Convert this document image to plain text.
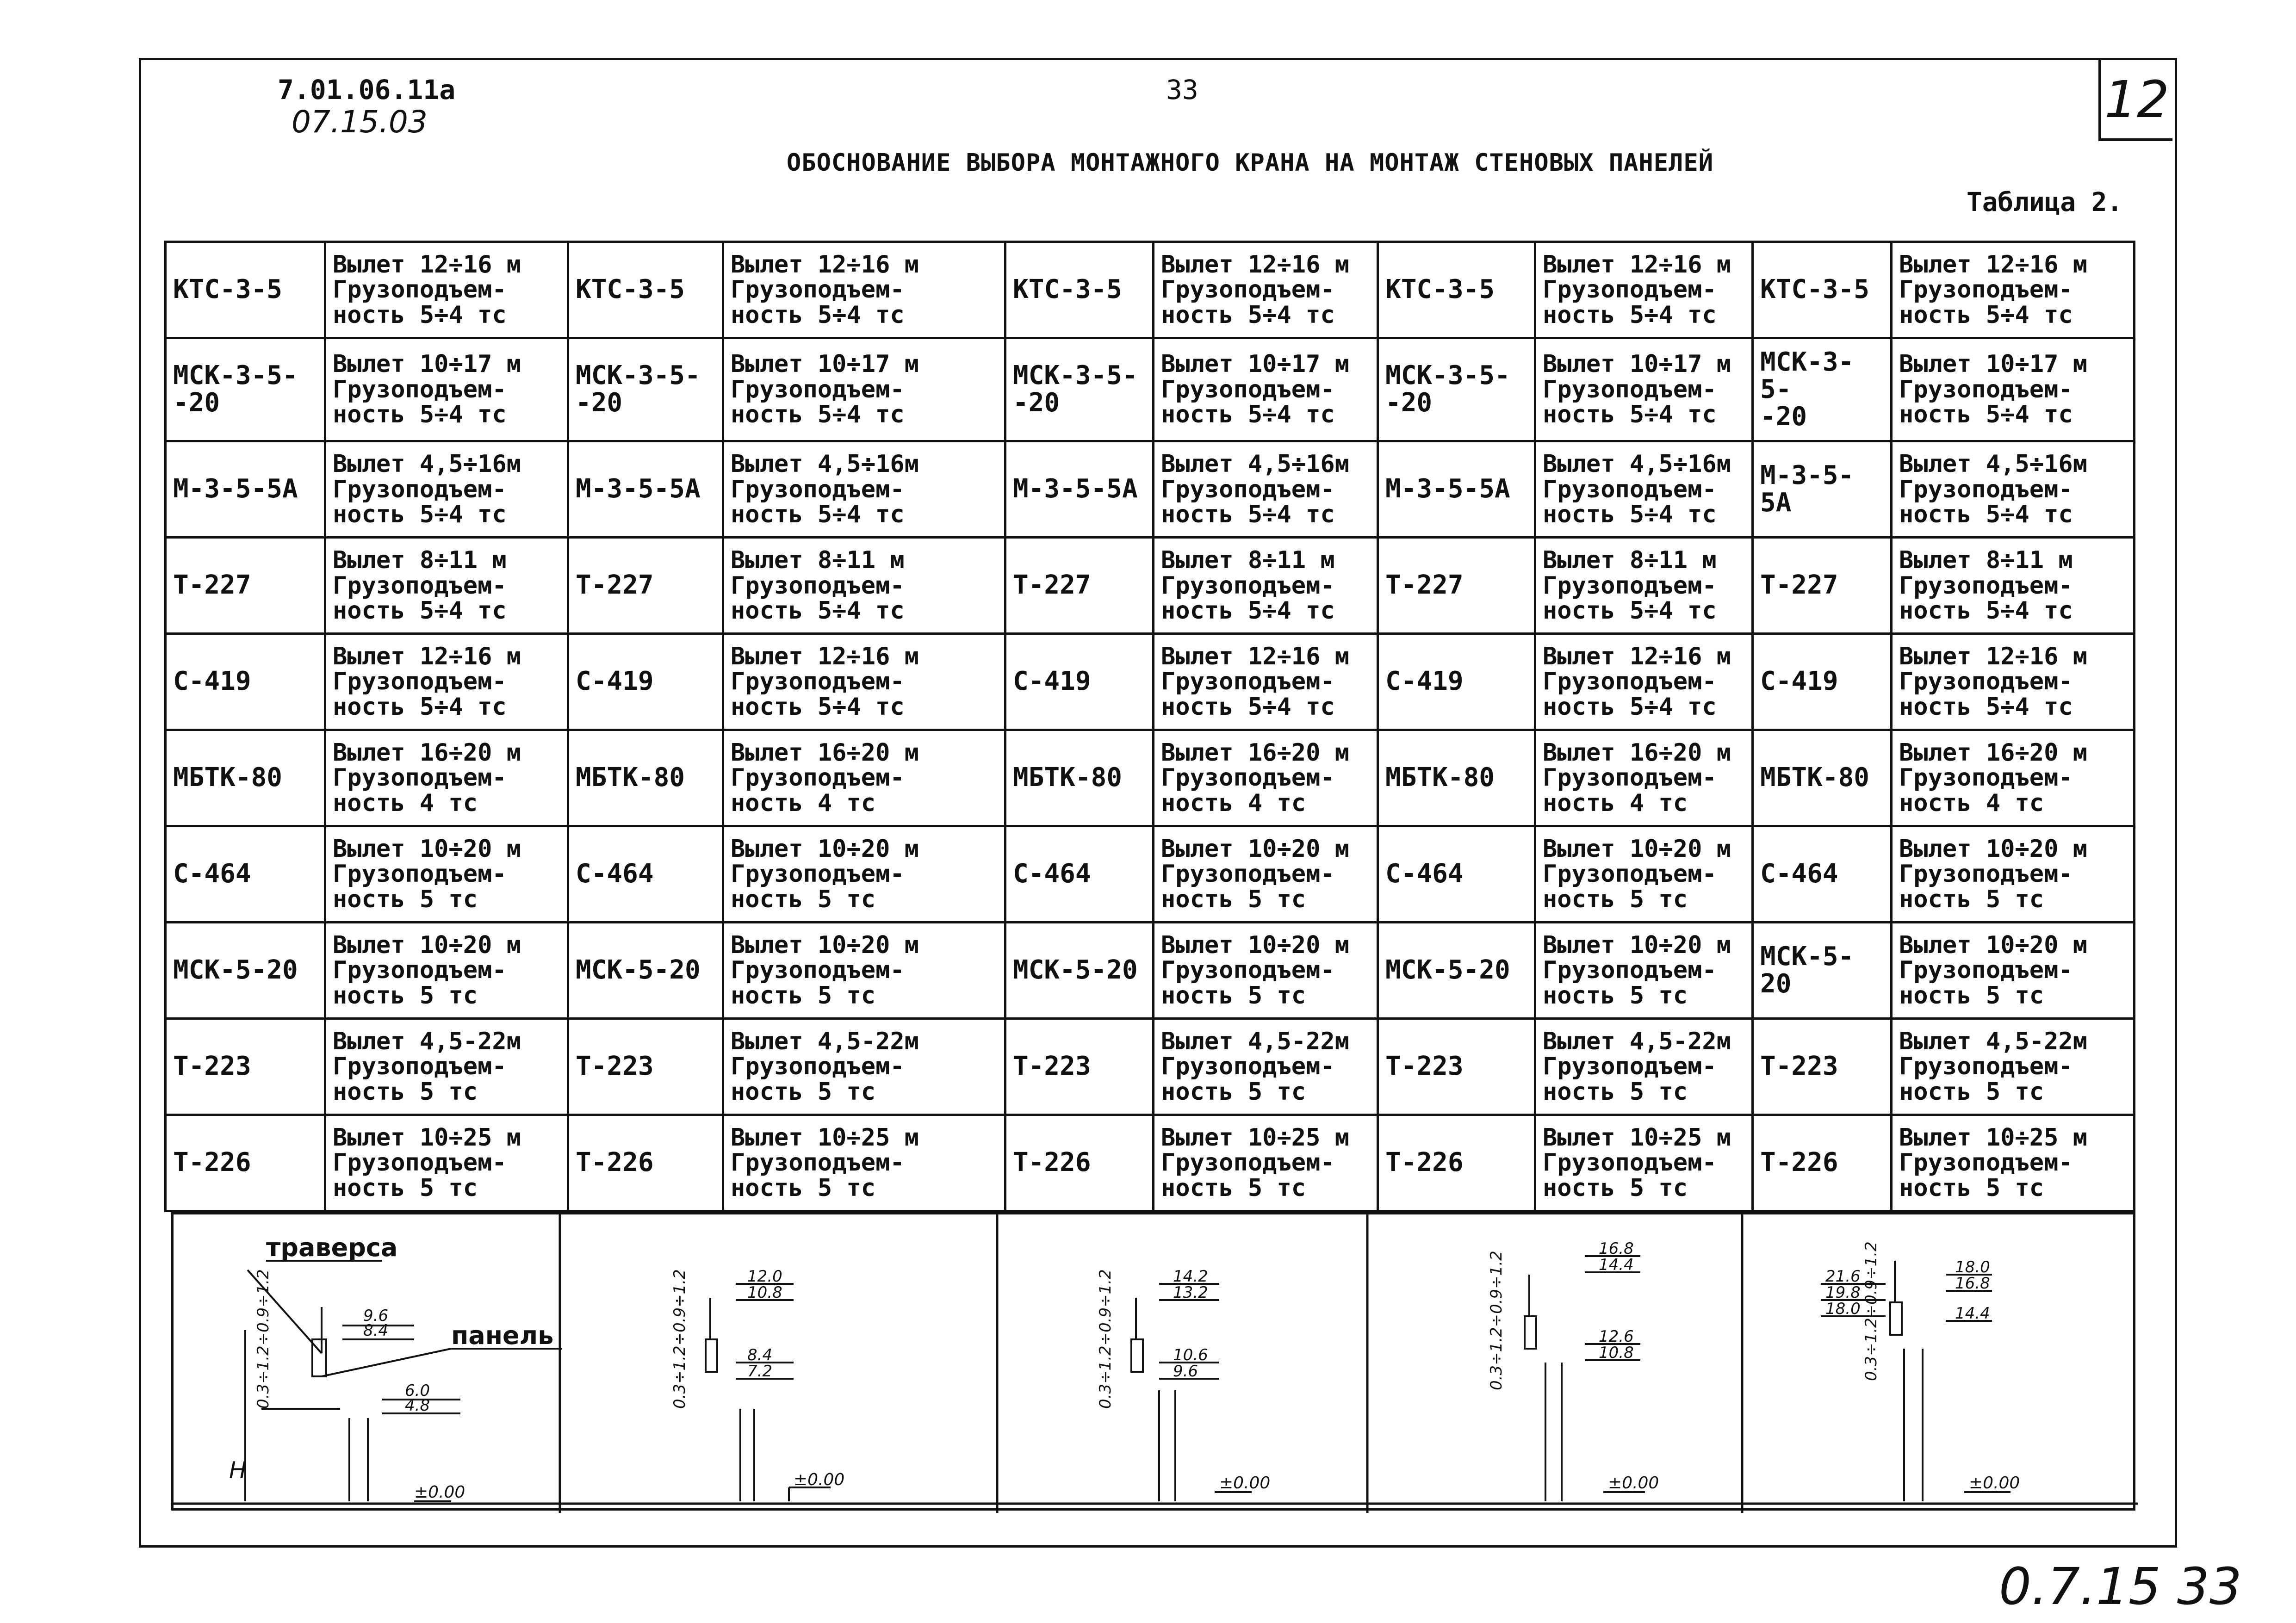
7.01.06.11a
07.15.03
33	12
ОБОСНОВАНИЕ ВЫБОРА МОНТАЖНОГО КРАНА НА МОНТАЖ СТЕНОВЫХ ПАНЕЛЕЙ
Таблица 2.
КТС-3-5	Вылет 12÷16 м
Грузоподъем-
ность 5÷4 тс	КТС-3-5	Вылет 12÷16 м
Грузоподъем-
ность 5÷4 тс	КТС-3-5	Вылет 12÷16 м
Грузоподъем-
ность 5÷4 тс	КТС-3-5	Вылет 12÷16 м
Грузоподъем-
ность 5÷4 тс	КТС-3-5	Вылет 12÷16 м
Грузоподъем-
ность 5÷4 тс

МСК-3-5-
-20	Вылет 10÷17 м
Грузоподъем-
ность 5÷4 тс	МСК-3-5-
-20	Вылет 10÷17 м
Грузоподъем-
ность 5÷4 тс	МСК-3-5-
-20	Вылет 10÷17 м
Грузоподъем-
ность 5÷4 тс	МСК-3-5-
-20	Вылет 10÷17 м
Грузоподъем-
ность 5÷4 тс	МСК-3-5-
-20	Вылет 10÷17 м
Грузоподъем-
ность 5÷4 тс

М-3-5-5А	Вылет 4,5÷16м
Грузоподъем-
ность 5÷4 тс	М-3-5-5А	Вылет 4,5÷16м
Грузоподъем-
ность 5÷4 тс	М-3-5-5А	Вылет 4,5÷16м
Грузоподъем-
ность 5÷4 тс	М-3-5-5А	Вылет 4,5÷16м
Грузоподъем-
ность 5÷4 тс	М-3-5-5А	Вылет 4,5÷16м
Грузоподъем-
ность 5÷4 тс

Т-227	Вылет 8÷11 м
Грузоподъем-
ность 5÷4 тс	Т-227	Вылет 8÷11 м
Грузоподъем-
ность 5÷4 тс	Т-227	Вылет 8÷11 м
Грузоподъем-
ность 5÷4 тс	Т-227	Вылет 8÷11 м
Грузоподъем-
ность 5÷4 тс	Т-227	Вылет 8÷11 м
Грузоподъем-
ность 5÷4 тс

С-419	Вылет 12÷16 м
Грузоподъем-
ность 5÷4 тс	С-419	Вылет 12÷16 м
Грузоподъем-
ность 5÷4 тс	С-419	Вылет 12÷16 м
Грузоподъем-
ность 5÷4 тс	С-419	Вылет 12÷16 м
Грузоподъем-
ность 5÷4 тс	С-419	Вылет 12÷16 м
Грузоподъем-
ность 5÷4 тс

МБТК-80	Вылет 16÷20 м
Грузоподъем-
ность 4 тс	МБТК-80	Вылет 16÷20 м
Грузоподъем-
ность 4 тс	МБТК-80	Вылет 16÷20 м
Грузоподъем-
ность 4 тс	МБТК-80	Вылет 16÷20 м
Грузоподъем-
ность 4 тс	МБТК-80	Вылет 16÷20 м
Грузоподъем-
ность 4 тс

С-464	Вылет 10÷20 м
Грузоподъем-
ность 5 тс	С-464	Вылет 10÷20 м
Грузоподъем-
ность 5 тс	С-464	Вылет 10÷20 м
Грузоподъем-
ность 5 тс	С-464	Вылет 10÷20 м
Грузоподъем-
ность 5 тс	С-464	Вылет 10÷20 м
Грузоподъем-
ность 5 тс

МСК-5-20	Вылет 10÷20 м
Грузоподъем-
ность 5 тс	МСК-5-20	Вылет 10÷20 м
Грузоподъем-
ность 5 тс	МСК-5-20	Вылет 10÷20 м
Грузоподъем-
ность 5 тс	МСК-5-20	Вылет 10÷20 м
Грузоподъем-
ность 5 тс	МСК-5-20	Вылет 10÷20 м
Грузоподъем-
ность 5 тс

Т-223	Вылет 4,5-22м
Грузоподъем-
ность 5 тс	Т-223	Вылет 4,5-22м
Грузоподъем-
ность 5 тс	Т-223	Вылет 4,5-22м
Грузоподъем-
ность 5 тс	Т-223	Вылет 4,5-22м
Грузоподъем-
ность 5 тс	Т-223	Вылет 4,5-22м
Грузоподъем-
ность 5 тс

Т-226	Вылет 10÷25 м
Грузоподъем-
ность 5 тс	Т-226	Вылет 10÷25 м
Грузоподъем-
ность 5 тс	Т-226	Вылет 10÷25 м
Грузоподъем-
ность 5 тс	Т-226	Вылет 10÷25 м
Грузоподъем-
ность 5 тс	Т-226	Вылет 10÷25 м
Грузоподъем-
ность 5 тс
траверса
панель
H
0.3÷1.2÷0.9÷1.2	9.6
8.4
6.0
4.8
±0.00
0.3÷1.2÷0.9÷1.2	12.0
10.8
8.4
7.2
±0.00
0.3÷1.2÷0.9÷1.2	14.2
13.2
10.6
9.6
±0.00
0.3÷1.2÷0.9÷1.2
16.8
14.4
12.6
10.8
±0.00
0.3÷1.2÷0.9÷1.2
21.6
19.8
18.0
18.0
16.8
14.4
±0.00
0.7.15 33
